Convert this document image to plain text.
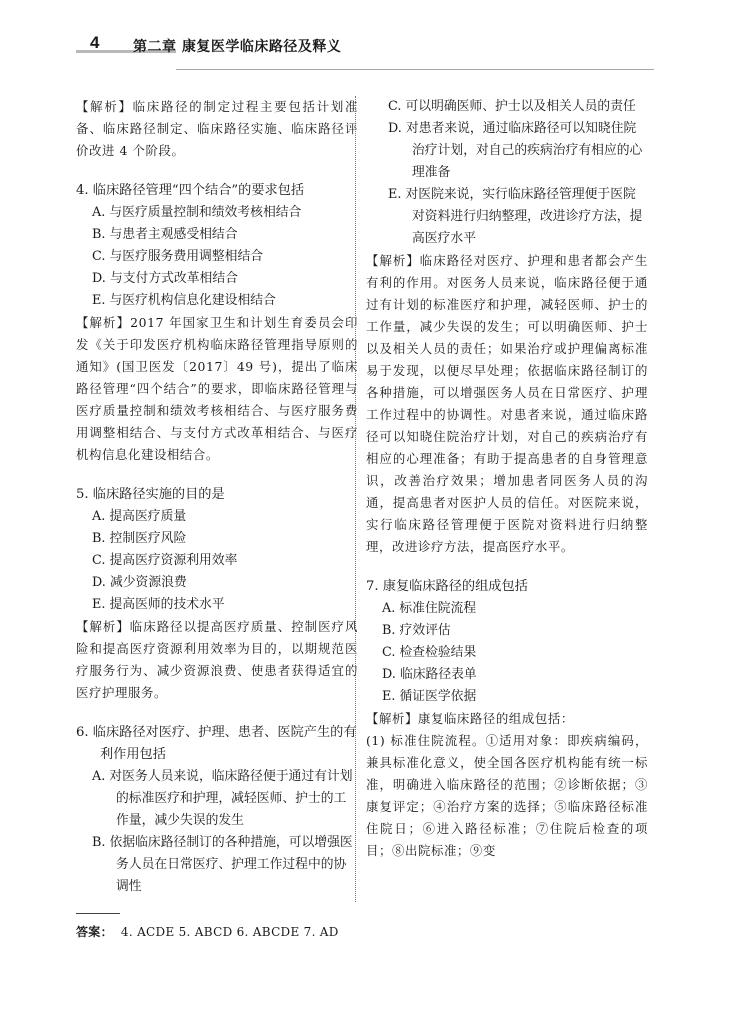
4 第二章 康复医学临床路径及释义

【解析】临床路径的制定过程主要包括计划准备、临床路径制定、临床路径实施、临床路径评价改进 4 个阶段。

4. 临床路径管理“四个结合”的要求包括

A. 与医疗质量控制和绩效考核相结合

B. 与患者主观感受相结合

C. 与医疗服务费用调整相结合

D. 与支付方式改革相结合

E. 与医疗机构信息化建设相结合

【解析】2017 年国家卫生和计划生育委员会印发《关于印发医疗机构临床路径管理指导原则的通知》(国卫医发〔2017〕49 号)，提出了临床路径管理“四个结合”的要求，即临床路径管理与医疗质量控制和绩效考核相结合、与医疗服务费用调整相结合、与支付方式改革相结合、与医疗机构信息化建设相结合。

5. 临床路径实施的目的是

A. 提高医疗质量

B. 控制医疗风险

C. 提高医疗资源利用效率

D. 减少资源浪费

E. 提高医师的技术水平

【解析】临床路径以提高医疗质量、控制医疗风险和提高医疗资源利用效率为目的，以期规范医疗服务行为、减少资源浪费、使患者获得适宜的医疗护理服务。

6. 临床路径对医疗、护理、患者、医院产生的有利作用包括

A. 对医务人员来说，临床路径便于通过有计划的标准医疗和护理，减轻医师、护士的工作量，减少失误的发生

B. 依据临床路径制订的各种措施，可以增强医务人员在日常医疗、护理工作过程中的协调性

C. 可以明确医师、护士以及相关人员的责任

D. 对患者来说，通过临床路径可以知晓住院治疗计划，对自己的疾病治疗有相应的心理准备

E. 对医院来说，实行临床路径管理便于医院对资料进行归纳整理，改进诊疗方法，提高医疗水平

【解析】临床路径对医疗、护理和患者都会产生有利的作用。对医务人员来说，临床路径便于通过有计划的标准医疗和护理，减轻医师、护士的工作量，减少失误的发生；可以明确医师、护士以及相关人员的责任；如果治疗或护理偏离标准易于发现，以便尽早处理；依据临床路径制订的各种措施，可以增强医务人员在日常医疗、护理工作过程中的协调性。对患者来说，通过临床路径可以知晓住院治疗计划，对自己的疾病治疗有相应的心理准备；有助于提高患者的自身管理意识，改善治疗效果；增加患者同医务人员的沟通，提高患者对医护人员的信任。对医院来说，实行临床路径管理便于医院对资料进行归纳整理，改进诊疗方法，提高医疗水平。

7. 康复临床路径的组成包括

A. 标准住院流程

B. 疗效评估

C. 检查检验结果

D. 临床路径表单

E. 循证医学依据

【解析】康复临床路径的组成包括：

(1) 标准住院流程。①适用对象：即疾病编码，兼具标准化意义，使全国各医疗机构能有统一标准，明确进入临床路径的范围；②诊断依据；③康复评定；④治疗方案的选择；⑤临床路径标准住院日；⑥进入路径标准；⑦住院后检查的项目；⑧出院标准；⑨变

答案： 4. ACDE 5. ABCD 6. ABCDE 7. AD
